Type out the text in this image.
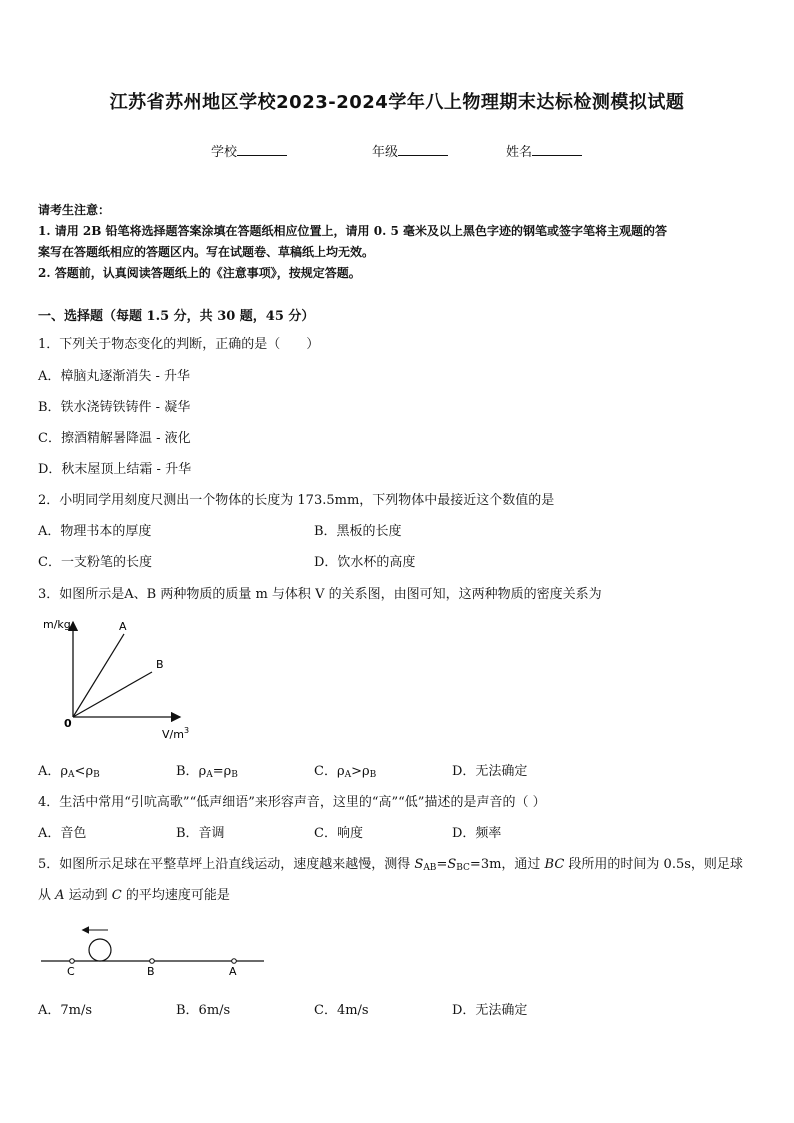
江苏省苏州地区学校2023-2024学年八上物理期末达标检测模拟试题
学校	年级	姓名
请考生注意：

1. 请用 2B 铅笔将选择题答案涂填在答题纸相应位置上，请用 0. 5 毫米及以上黑色字迹的钢笔或签字笔将主观题的答

案写在答题纸相应的答题区内。写在试题卷、草稿纸上均无效。

2. 答题前，认真阅读答题纸上的《注意事项》，按规定答题。

一、选择题（每题 1.5 分，共 30 题，45 分）
1．下列关于物态变化的判断，正确的是（　　）
A．樟脑丸逐渐消失 - 升华
B．铁水浇铸铁铸件 - 凝华
C．擦酒精解暑降温 - 液化
D．秋末屋顶上结霜 - 升华
2．小明同学用刻度尺测出一个物体的长度为 173.5mm，下列物体中最接近这个数值的是
A．物理书本的厚度	B．黑板的长度
C．一支粉笔的长度	D．饮水杯的高度
3．如图所示是A、B 两种物质的质量 m 与体积 V 的关系图，由图可知，这两种物质的密度关系为
m/kg
0
A
B
$V/m^3$
A．$\rho_A<\rho_B$	B．$\rho_A=\rho_B$	C．$\rho_A>\rho_B$	D．无法确定
4．生活中常用“引吭高歌”“低声细语”来形容声音，这里的“高”“低”描述的是声音的（ ）
A．音色	B．音调	C．响度	D．频率
5．如图所示足球在平整草坪上沿直线运动，速度越来越慢，测得 $S_{AB}=S_{BC}=3m$，通过 BC 段所用的时间为 0.5s，则足球
从 A 运动到 C 的平均速度可能是
C	B	A
A．7m/s	B．6m/s	C．4m/s	D．无法确定
